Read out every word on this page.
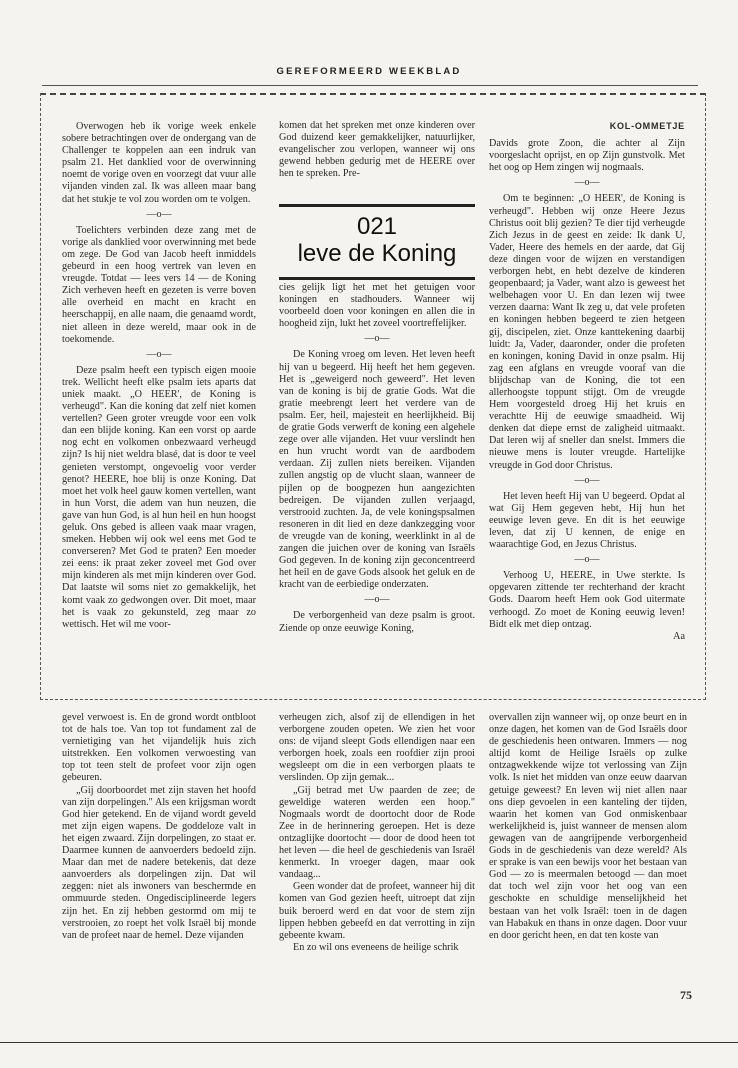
GEREFORMEERD WEEKBLAD

Overwogen heb ik vorige week enkele sobere betrachtingen over de ondergang van de Challenger te koppelen aan een indruk van psalm 21. Het danklied voor de overwinning noemt de vorige oven en voorzegt dat vuur alle vijanden vinden zal. Ik was alleen maar bang dat het stukje te vol zou worden om te volgen.

—o—

Toelichters verbinden deze zang met de vorige als danklied voor overwinning met bede om zege. De God van Jacob heeft inmiddels gebeurd in een hoog vertrek van leven en vreugde. Totdat — lees vers 14 — de Koning Zich verheven heeft en gezeten is verre boven alle overheid en macht en kracht en heerschappij, en alle naam, die genaamd wordt, niet alleen in deze wereld, maar ook in de toekomende.

—o—

Deze psalm heeft een typisch eigen mooie trek. Wellicht heeft elke psalm iets aparts dat uniek maakt. „O HEER', de Koning is verheugd". Kan die koning dat zelf niet komen vertellen? Geen groter vreugde voor een volk dan een blijde koning. Kan een vorst op aarde nog echt en volkomen onbezwaard verheugd zijn? Is hij niet weldra blasé, dat is door te veel genieten verstompt, ongevoelig voor verder genot? HEERE, hoe blij is onze Koning. Dat moet het volk heel gauw komen vertellen, want in hun Vorst, die adem van hun neuzen, die gave van hun God, is al hun heil en hun hoogst geluk. Ons gebed is alleen vaak maar vragen, smeken. Hebben wij ook wel eens met God te converseren? Met God te praten? Een moeder zei eens: ik praat zeker zoveel met God over mijn kinderen als met mijn kinderen over God. Dat laatste wil soms niet zo gemakkelijk, het komt vaak zo gedwongen over. Dit moet, maar het is vaak zo gekunsteld, zeg maar zo wettisch. Het wil me voor-

komen dat het spreken met onze kinderen over God duizend keer gemakkelijker, natuurlijker, evangelischer zou verlopen, wanneer wij ons gewend hebben gedurig met de HEERE over hen te spreken. Pre-

021
leve de Koning

cies gelijk ligt het met het getuigen voor koningen en stadhouders. Wanneer wij voorbeeld doen voor koningen en allen die in hoogheid zijn, lukt het zoveel voortreffelijker.

—o—

De Koning vroeg om leven. Het leven heeft hij van u begeerd. Hij heeft het hem gegeven. Het is „geweigerd noch geweerd". Het leven van de koning is bij de gratie Gods. Wat die gratie meebrengt leert het verdere van de psalm. Eer, heil, majesteit en heerlijkheid. Bij de gratie Gods verwerft de koning een algehele zege over alle vijanden. Het vuur verslindt hen en hun vrucht wordt van de aardbodem verdaan. Zij zullen niets bereiken. Vijanden zullen angstig op de vlucht slaan, wanneer de pijlen op de boogpezen hun aangezichten bedreigen. De vijanden zullen verjaagd, verstrooid zuchten. Ja, de vele koningspsalmen resoneren in dit lied en deze dankzegging voor de vreugde van de koning, weerklinkt in al de zangen die juichen over de koning van Israëls God gegeven. In de koning zijn geconcentreerd het heil en de gave Gods alsook het geluk en de kracht van de eerbiedige onderzaten.

—o—

De verborgenheid van deze psalm is groot. Ziende op onze eeuwige Koning,

KOL-OMMETJE

Davids grote Zoon, die achter al Zijn voorgeslacht oprijst, en op Zijn gunstvolk. Met het oog op Hem zingen wij nogmaals.

—o—

Om te beginnen: „O HEER', de Koning is verheugd". Hebben wij onze Heere Jezus Christus ooit blij gezien? Te dier tijd verheugde Zich Jezus in de geest en zeide: Ik dank U, Vader, Heere des hemels en der aarde, dat Gij deze dingen voor de wijzen en verstandigen verborgen hebt, en hebt dezelve de kinderen geopenbaard; ja Vader, want alzo is geweest het welbehagen voor U. En dan lezen wij twee verzen daarna: Want Ik zeg u, dat vele profeten en koningen hebben begeerd te zien hetgeen gij, discipelen, ziet. Onze kanttekening daarbij luidt: Ja, Vader, daaronder, onder die profeten en koningen, koning David in onze psalm. Hij zag een afglans en vreugde vooraf van die blijdschap van de Koning, die tot een allerhoogste toppunt stijgt. Om de vreugde Hem voorgesteld droeg Hij het kruis en verachtte Hij de eeuwige smaadheid. Wij denken dat diepe ernst de zaligheid uitmaakt. Dat leren wij af sneller dan snelst. Immers die nieuwe mens is louter vreugde. Hartelijke vreugde in God door Christus.

—o—

Het leven heeft Hij van U begeerd. Opdat al wat Gij Hem gegeven hebt, Hij hun het eeuwige leven geve. En dit is het eeuwige leven, dat zij U kennen, de enige en waarachtige God, en Jezus Christus.

—o—

Verhoog U, HEERE, in Uwe sterkte. Is opgevaren zittende ter rechterhand der kracht Gods. Daarom heeft Hem ook God uitermate verhoogd. Zo moet de Koning eeuwig leven! Bidt elk met diep ontzag.

Aa

gevel verwoest is. En de grond wordt ontbloot tot de hals toe. Van top tot fundament zal de vernietiging van het vijandelijk huis zich uitstrekken. Een volkomen verwoesting van top tot teen stelt de profeet voor zijn ogen gebeuren.

„Gij doorboordet met zijn staven het hoofd van zijn dorpelingen." Als een krijgsman wordt God hier getekend. En de vijand wordt geveld met zijn eigen wapens. De goddeloze valt in het eigen zwaard. Zijn dorpelingen, zo staat er. Daarmee kunnen de aanvoerders bedoeld zijn. Maar dan met de nadere betekenis, dat deze aanvoerders als dorpelingen zijn. Dat wil zeggen: niet als inwoners van beschermde en ommuurde steden. Ongedisciplineerde legers zijn het. En zij hebben gestormd om mij te verstrooien, zo roept het volk Israël bij monde van de profeet naar de hemel. Deze vijanden

verheugen zich, alsof zij de ellendigen in het verborgene zouden opeten. We zien het voor ons: de vijand sleept Gods ellendigen naar een verborgen hoek, zoals een roofdier zijn prooi wegsleept om die in een verborgen plaats te verslinden. Op zijn gemak...

„Gij betrad met Uw paarden de zee; de geweldige wateren werden een hoop." Nogmaals wordt de doortocht door de Rode Zee in de herinnering geroepen. Het is deze ontzaglijke doortocht — door de dood heen tot het leven — die heel de geschiedenis van Israël kenmerkt. In vroeger dagen, maar ook vandaag...

Geen wonder dat de profeet, wanneer hij dit komen van God gezien heeft, uitroept dat zijn buik beroerd werd en dat voor de stem zijn lippen hebben gebeefd en dat verrotting in zijn gebeente kwam.

En zo wil ons eveneens de heilige schrik

overvallen zijn wanneer wij, op onze beurt en in onze dagen, het komen van de God Israëls door de geschiedenis heen ontwaren. Immers — nog altijd komt de Heilige Israëls op zulke ontzagwekkende wijze tot verlossing van Zijn volk. Is niet het midden van onze eeuw daarvan getuige geweest? En leven wij niet allen naar ons diep gevoelen in een kanteling der tijden, waarin het komen van God onmiskenbaar werkelijkheid is, juist wanneer de mensen alom gewagen van de aangrijpende verborgenheid Gods in de geschiedenis van deze wereld? Als er sprake is van een bewijs voor het bestaan van God — zo is meermalen betoogd — dan moet dat toch wel zijn voor het oog van een geschokte en schuldige menselijkheid het bestaan van het volk Israël: toen in de dagen van Habakuk en thans in onze dagen. Door vuur en door gericht heen, en dat ten koste van

75
